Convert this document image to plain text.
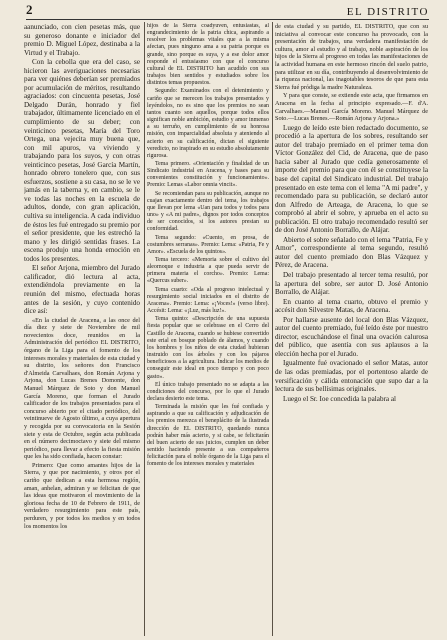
2	EL DISTRITO

aanunciado, con cien pesetas más, que su generoso donante e iniciador del premio D. Miguel López, destinaba a la Virtud y el Trabajo.

Con la cebolla que era del caso, se hicieron las averiguaciones necesarias para ver quiénes deberían ser premiados por acumulación de méritos, resultando agraciados: con cincuenta pesetas, José Delgado Durán, honrado y fiel trabajador, últimamente licenciado en el cumplimiento de su deber; con veinticinco pesetas, María del Toro Ortega, una vejecita muy buena que, con mil apuros, va viviendo y trabajando para los suyos, y con otras veinticinco pesetas, José García Martín, honrado obrero tonelero que, con sus esfuerzos, sostiene a su casa, no se le ve jamás en la taberna y, en cambio, se le ve todas las noches en la escuela de adultos, donde, con gran aplicación, cultiva su inteligencia. A cada individuo de éstos les fué entregado su premio por el señor presidente, que les estrechó la mano y les dirigió sentidas frases. La escena produjo una honda emoción en todos los presentes.

El señor Arjona, miembro del Jurado calificador, dió lectura al acta, extendiéndola previamente en la reunión del mismo, efectuada horas antes de la sesión, y cuyo contenido dice así:

«En la ciudad de Aracena, a las once del día diez y siete de Noviembre de mil novecientos doce, reunidos en la Administración del periódico EL DISTRITO, órgano de la Liga para el fomento de los intereses morales y materiales de esta ciudad y su distrito, los señores don Francisco d'Almeida Carvalhaes, don Román Arjona y Arjona, don Lucas Brenes Domonte, don Manuel Márquez de Soto y don Manuel García Moreno, que forman el Jurado calificador de los trabajos presentados para el concurso abierto por el citado periódico, del veintinueve de Agosto último, a cuya apertura y recogida por su convocatoria en la Sesión siete y esta de Octubre, según acta publicada en el número decimoctavo y siete del mismo periódico, para llevar a efecto la fiesta misión que les ha sido confiada, hacen constar:

Primero: Que como amantes hijos de la Sierra, y que por nacimiento, y otros por el cariño que dedican a esta hermosa región, aman, anhelan, admiran y se felicitan de que las ideas que motivaron el movimiento de la gloriosa fecha de 10 de Febrero de 1911, de verdadero resurgimiento para este país, perduren, y por todos los medios y en todos los momentos los

hijos de la Sierra coadyuven, entusiastas, al engrandecimiento de la patria chica, aspirando a resolver los problemas vitales que a la misma afectan, pues ninguno ama a su patria porque es grande, sino porque es suya, y a ese dolor amor responde el entusiasmo con que el concurso cultural de EL DISTRITO han acudido con sus trabajos bien sentidos y estudiados sobre los distintos temas propuestos.

Segundo: Examinados con el detenimiento y cariño que se merecen los trabajos presentados y leyéndolos, no es sino que los premios no sean tantos cuanto son aquellos, porque todos ellos significan noble ambición, estudio y amor inmenso a su terruño, en cumplimiento de su honrosa misión, con imparcialidad absoluta y ateniendo al acierto en su calificación, dictan el siguiente veredicto, no inspirado en su estudio absolutamente rigurosa.

Tema primero. «Orientación y finalidad de un Sindicato industrial en Aracena, y bases para su convenientes constitución y funcionamiento». Premio: Lemas «Labor omnia vincit».

Se recomiendan para su publicación, aunque no cuajan exactamente dentro del tema, los trabajos que llevan por lema «Uan para todos y todos para uno» y «A mi padre», dignos por todos conceptos de ser conocidos, si los autores prestan su conformidad.

Tema segundo: «Cuento, en prosa, de costumbres serranas». Premio: Lema: «Patria, Fe y Amor». «Escuela de los quintos».

Tema tercero: «Memoria sobre el cultivo del aleornoque e industria a que pueda servir de primera materia el corcho». Premio: Lema: «Quercus suber».

Tema cuarto: «Oda al progreso intelectual y resurgimiento social iniciados en el distrito de Aracena». Premio: Lema: «¡Voces!» (verso libre). Accésit: Lema: «¡Luz, más luz!».

Tema quinto: «Descripción de una supuesta fiesta popular que se celebrase en el Cerro del Castillo de Aracena, cuando se hubiese convertido este erial en bosque poblado de álamos, y cuando los hombres y los niños de esta ciudad hubieran instruido con los árboles y con los pájaros beneficiosos a la agricultura. Indicar los medios de conseguir este ideal en poco tiempo y con poco gasto».

El único trabajo presentado no se adapta a las condiciones del concurso, por lo que el Jurado declara desierto este tema.

Terminada la misión que les fué confiada y aspirando a que su calificación y adjudicación de los premios merezca el beneplácito de la ilustrada dirección de EL DISTRITO, quedando nunca podrán haber más acierto, y si cabe, se felicitarán del buen acierto de sus juicios, cumplen un deber sentido haciendo presente a sus compañeros felicitación para el noble órgano de la Liga para el fomento de los intereses morales y materiales

de esta ciudad y su partido, EL DISTRITO, que con su iniciativa al convocar este concurso ha provocado, con la presentación de trabajos, una verdadera manifestación de cultura, amor al estudio y al trabajo, noble aspiración de los hijos de la Sierra al progreso en todas las manifestaciones de la actividad humana en este hermoso rincón del suelo patrio, para utilizar en su día, contribuyendo al desenvolvimiento de la riqueza nacional, las inagotables tesoros de que para esta Sierra fué pródiga la madre Naturaleza.

Y para que conste, se extiende este acta, que firmamos en Aracena en la fecha al principio expresado.—F. d'A. Carvalhaes.—Manuel García Moreno. Manuel Márquez de Soto.—Lucas Brenes.—Román Arjona y Arjona.»

Luego de leído este bien redactado documento, se procedió a la apertura de los sobres, resultando ser autor del trabajo premiado en el primer tema don Víctor González del Cid, de Aracena, que de paso hacia saber al Jurado que cedía generosamente el importe del premio para que con él se constituyese la base del capital del Sindicato industrial. Del trabajo presentado en este tema con el lema "A mi padre", y recomendado para su publicación, se declaró autor don Alfredo de Arteaga, de Aracena, lo que se comprobó al abrir el sobre, y aprueba en el acto su publicación. El otro trabajo recomendado resultó ser de don José Antonio Borrallo, de Alájar.

Abierto el sobre señalado con el lema "Patria, Fe y Amor", correspondiente al tema segundo, resultó autor del cuento premiado don Blas Vázquez y Pérez, de Aracena.

Del trabajo presentado al tercer tema resultó, por la apertura del sobre, ser autor D. José Antonio Borrallo, de Alájar.

En cuanto al tema cuarto, obtuvo el premio y accésit don Silvestre Matas, de Aracena.

Por hallarse ausente del local don Blas Vázquez, autor del cuento premiado, fué leído éste por nuestro director, escuchándose el final una ovación calurosa del público, que asentía con sus aplausos a la elección hecha por el Jurado.

Igualmente fué ovacionado el señor Matas, autor de las odas premiadas, por el portentoso alarde de versificación y cálida entonación que supo dar a la lectura de sus bellísimas originales.

Luego el Sr. Ioe concedida la palabra al
